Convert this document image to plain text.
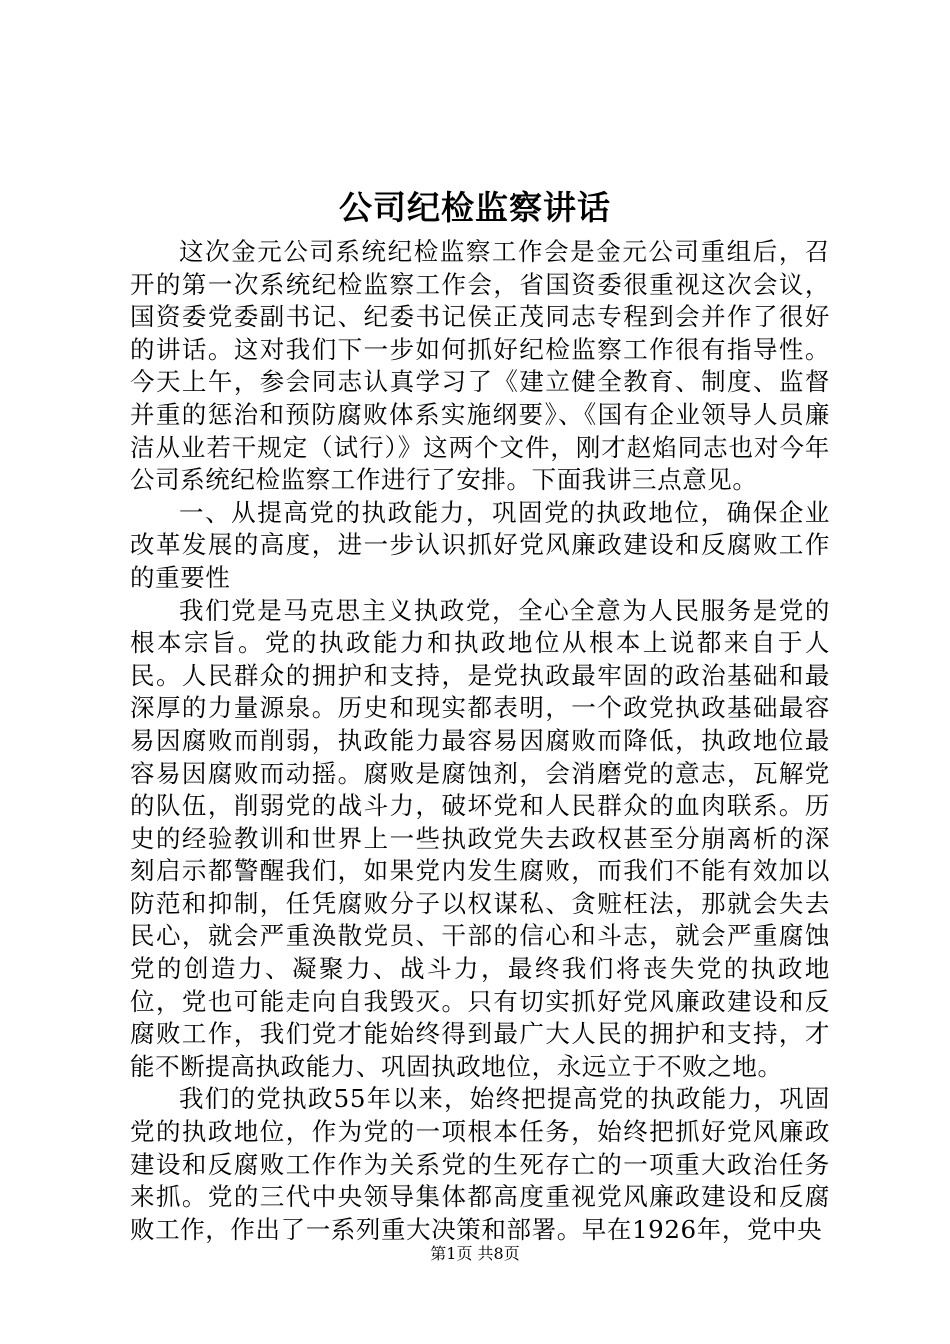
公司纪检监察讲话

这次金元公司系统纪检监察工作会是金元公司重组后，召开的第一次系统纪检监察工作会，省国资委很重视这次会议，国资委党委副书记、纪委书记侯正茂同志专程到会并作了很好的讲话。这对我们下一步如何抓好纪检监察工作很有指导性。今天上午，参会同志认真学习了《建立健全教育、制度、监督并重的惩治和预防腐败体系实施纲要》、《国有企业领导人员廉洁从业若干规定（试行）》这两个文件，刚才赵焰同志也对今年公司系统纪检监察工作进行了安排。下面我讲三点意见。

一、从提高党的执政能力，巩固党的执政地位，确保企业改革发展的高度，进一步认识抓好党风廉政建设和反腐败工作的重要性

我们党是马克思主义执政党，全心全意为人民服务是党的根本宗旨。党的执政能力和执政地位从根本上说都来自于人民。人民群众的拥护和支持，是党执政最牢固的政治基础和最深厚的力量源泉。历史和现实都表明，一个政党执政基础最容易因腐败而削弱，执政能力最容易因腐败而降低，执政地位最容易因腐败而动摇。腐败是腐蚀剂，会消磨党的意志，瓦解党的队伍，削弱党的战斗力，破坏党和人民群众的血肉联系。历史的经验教训和世界上一些执政党失去政权甚至分崩离析的深刻启示都警醒我们，如果党内发生腐败，而我们不能有效加以防范和抑制，任凭腐败分子以权谋私、贪赃枉法，那就会失去民心，就会严重涣散党员、干部的信心和斗志，就会严重腐蚀党的创造力、凝聚力、战斗力，最终我们将丧失党的执政地位，党也可能走向自我毁灭。只有切实抓好党风廉政建设和反腐败工作，我们党才能始终得到最广大人民的拥护和支持，才能不断提高执政能力、巩固执政地位，永远立于不败之地。

我们的党执政55年以来，始终把提高党的执政能力，巩固党的执政地位，作为党的一项根本任务，始终把抓好党风廉政建设和反腐败工作作为关系党的生死存亡的一项重大政治任务来抓。党的三代中央领导集体都高度重视党风廉政建设和反腐败工作，作出了一系列重大决策和部署。早在1926年，党中央

第1页 共8页
